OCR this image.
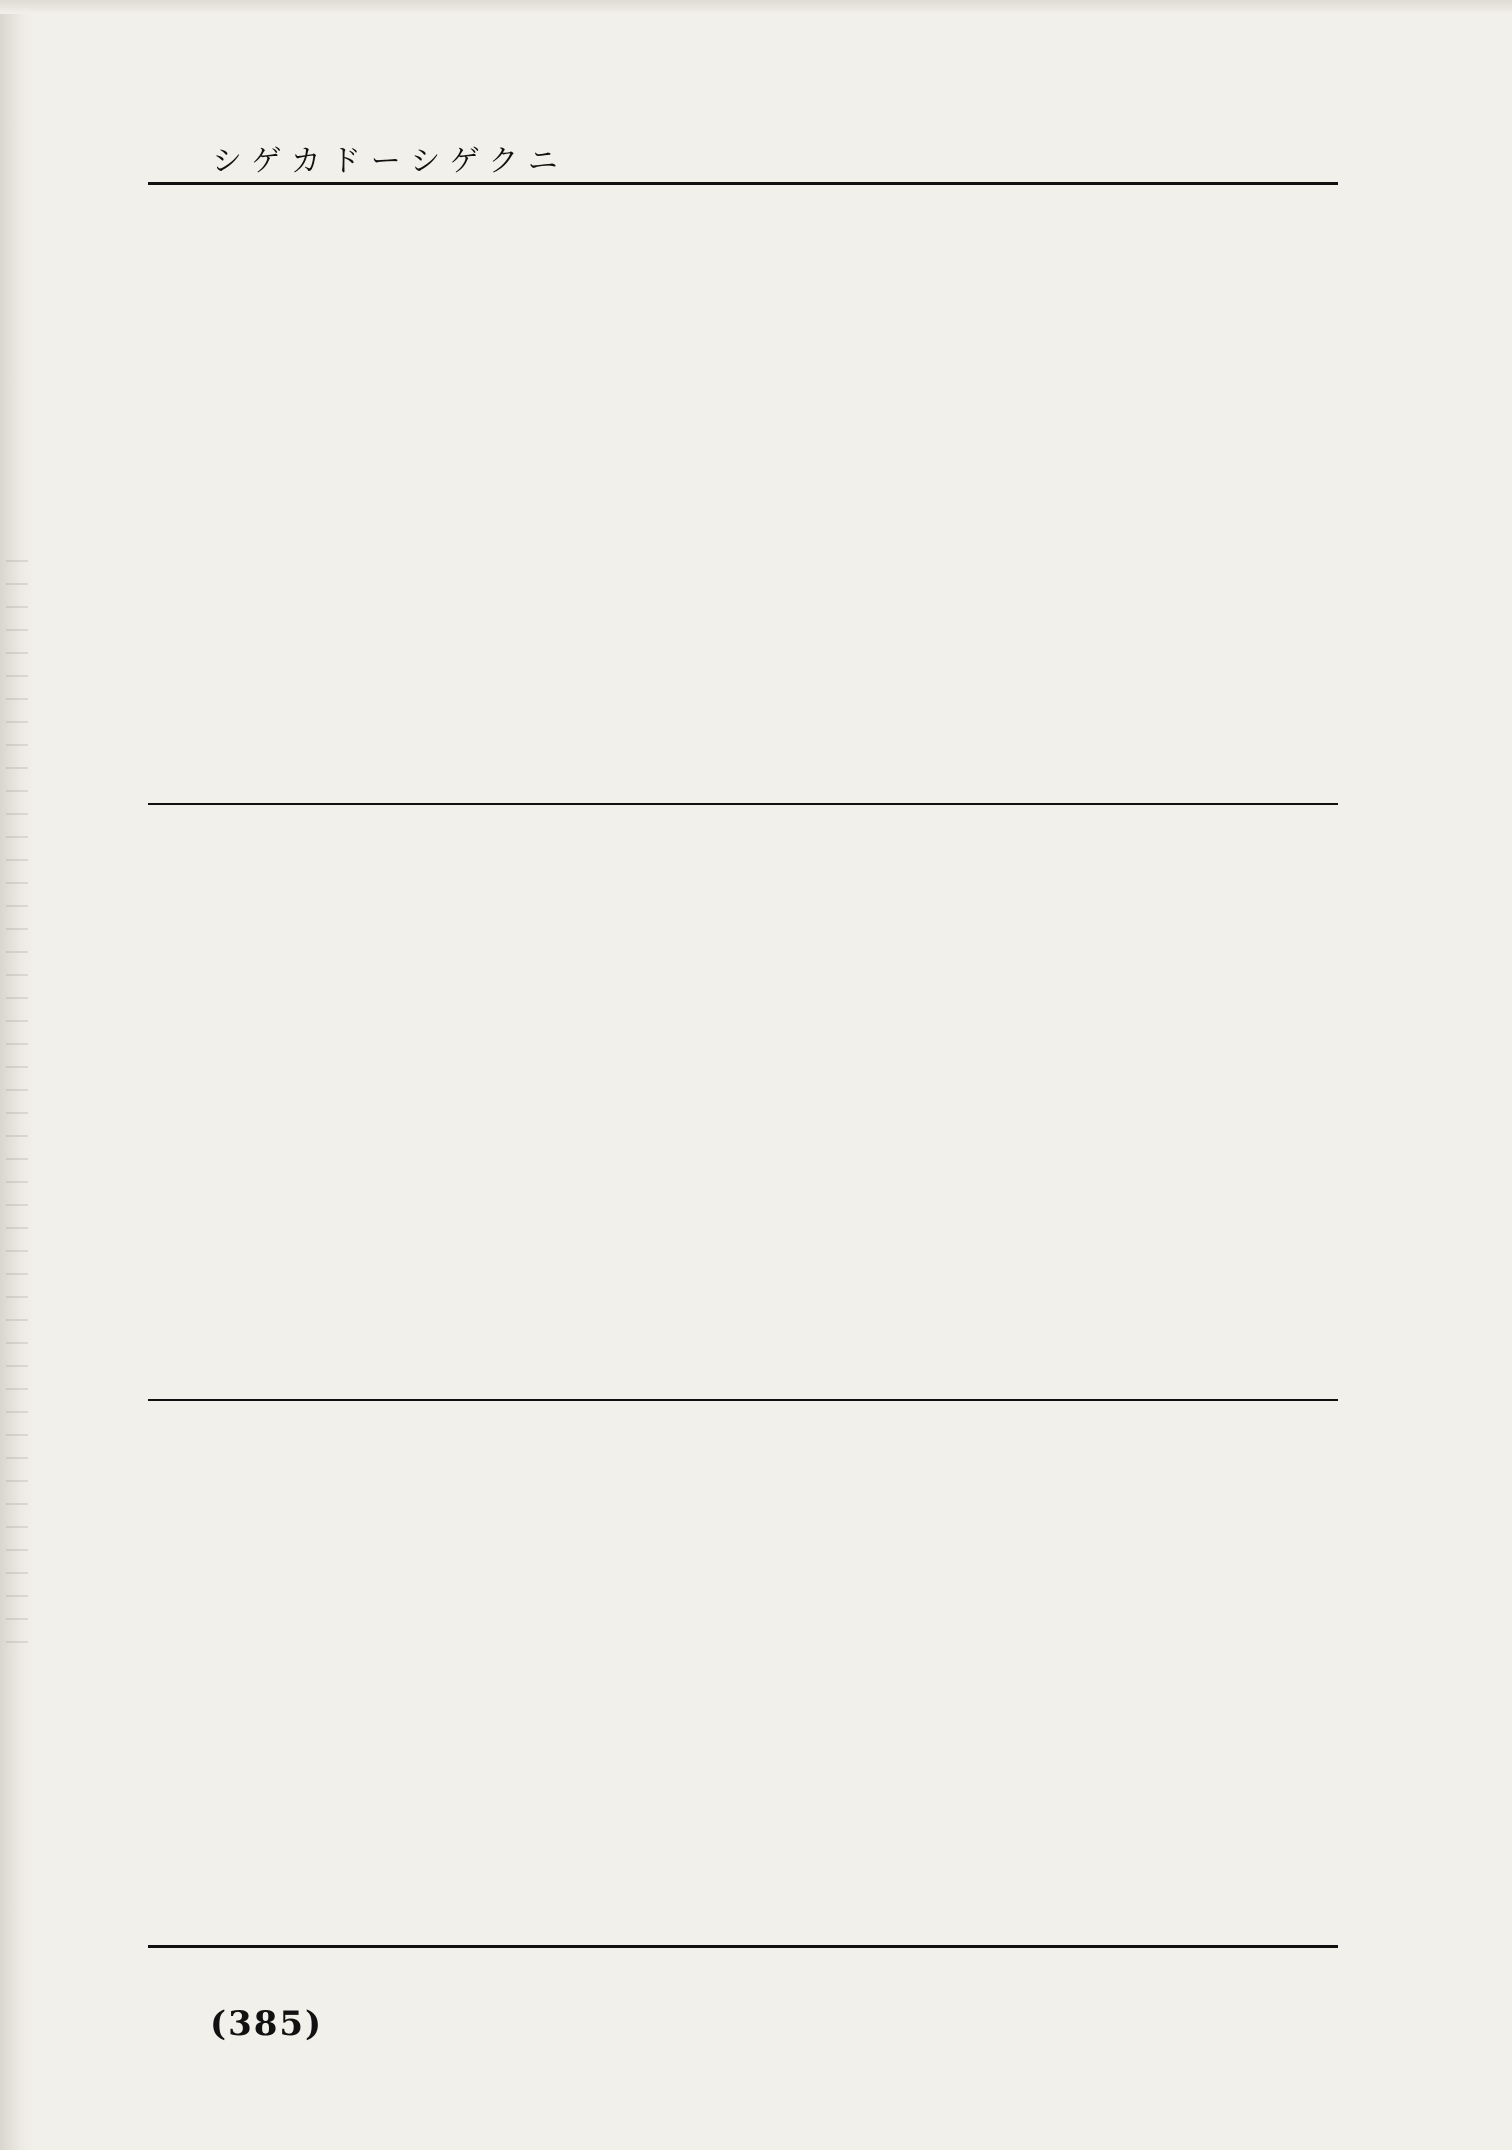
シゲカドーシゲクニ
(385)
